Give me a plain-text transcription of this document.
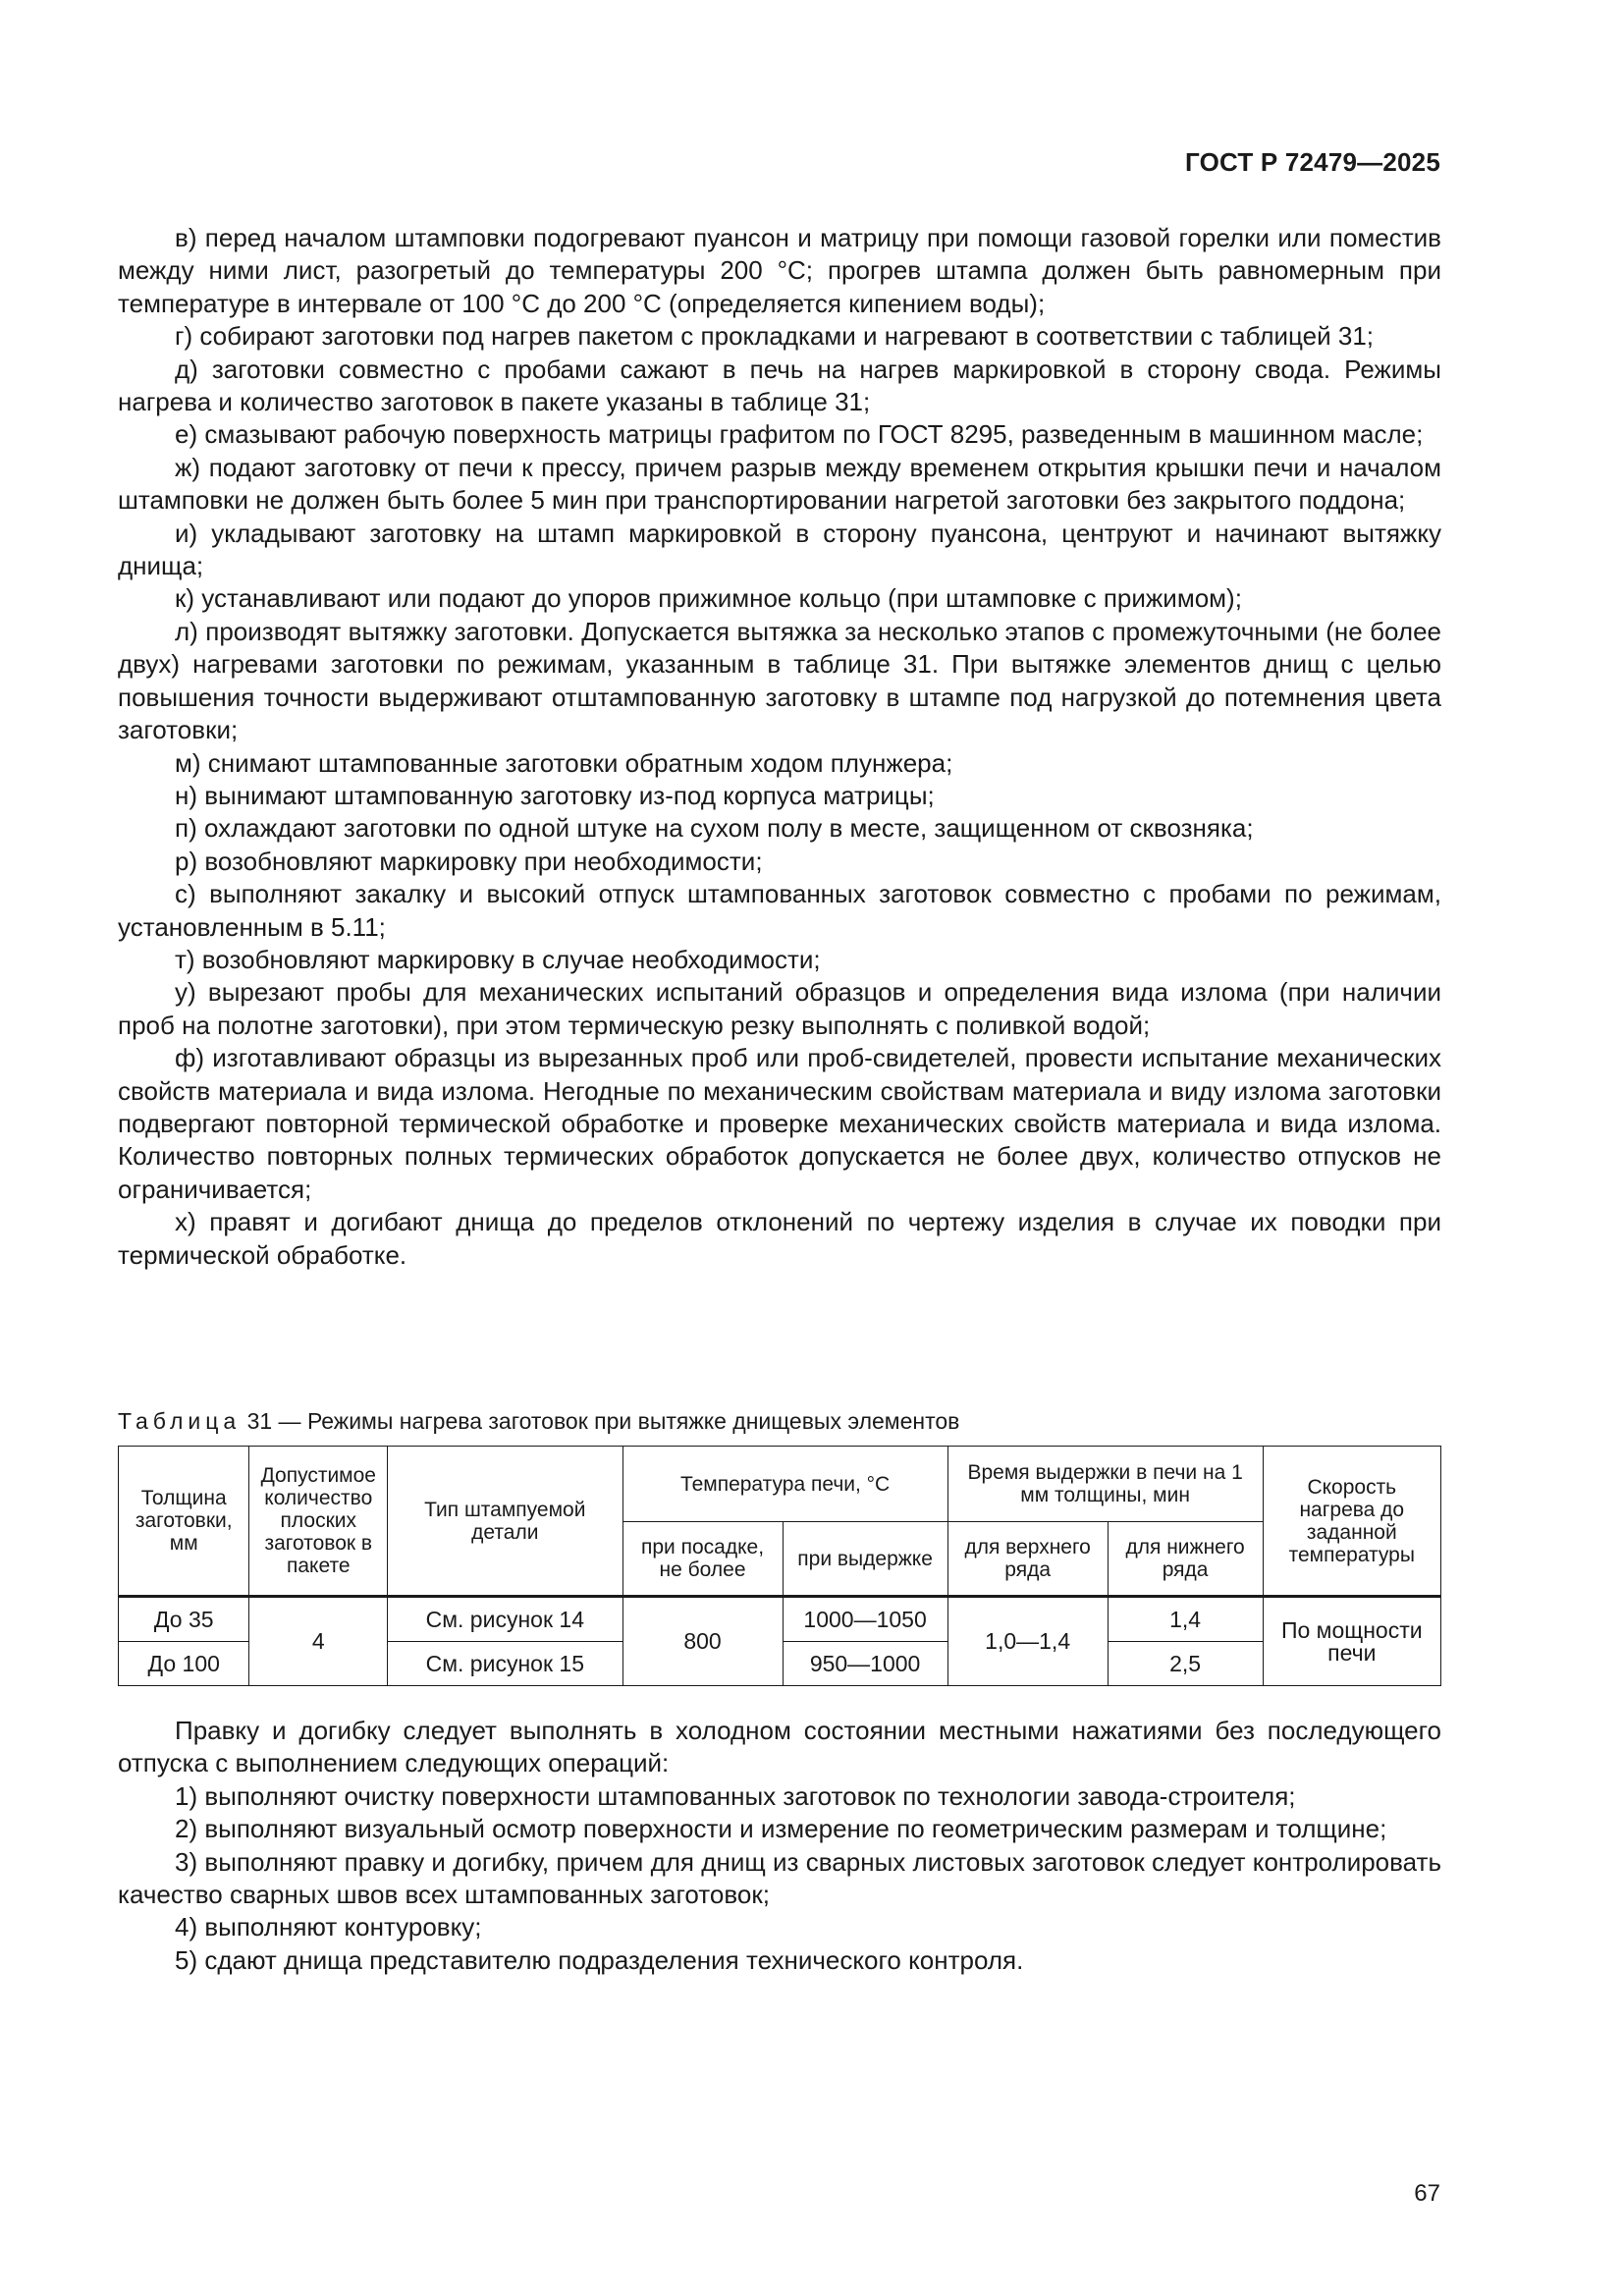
ГОСТ Р 72479—2025

в) перед началом штамповки подогревают пуансон и матрицу при помощи газовой горелки или поместив между ними лист, разогретый до температуры 200 °С; прогрев штампа должен быть равномерным при температуре в интервале от 100 °С до 200 °С (определяется кипением воды);

г) собирают заготовки под нагрев пакетом с прокладками и нагревают в соответствии с таблицей 31;

д) заготовки совместно с пробами сажают в печь на нагрев маркировкой в сторону свода. Режимы нагрева и количество заготовок в пакете указаны в таблице 31;

е) смазывают рабочую поверхность матрицы графитом по ГОСТ 8295, разведенным в машинном масле;

ж) подают заготовку от печи к прессу, причем разрыв между временем открытия крышки печи и началом штамповки не должен быть более 5 мин при транспортировании нагретой заготовки без закрытого поддона;

и) укладывают заготовку на штамп маркировкой в сторону пуансона, центруют и начинают вытяжку днища;

к) устанавливают или подают до упоров прижимное кольцо (при штамповке с прижимом);

л) производят вытяжку заготовки. Допускается вытяжка за несколько этапов с промежуточными (не более двух) нагревами заготовки по режимам, указанным в таблице 31. При вытяжке элементов днищ с целью повышения точности выдерживают отштампованную заготовку в штампе под нагрузкой до потемнения цвета заготовки;

м) снимают штампованные заготовки обратным ходом плунжера;

н) вынимают штампованную заготовку из-под корпуса матрицы;

п) охлаждают заготовки по одной штуке на сухом полу в месте, защищенном от сквозняка;

р) возобновляют маркировку при необходимости;

с) выполняют закалку и высокий отпуск штампованных заготовок совместно с пробами по режимам, установленным в 5.11;

т) возобновляют маркировку в случае необходимости;

у) вырезают пробы для механических испытаний образцов и определения вида излома (при наличии проб на полотне заготовки), при этом термическую резку выполнять с поливкой водой;

ф) изготавливают образцы из вырезанных проб или проб-свидетелей, провести испытание механических свойств материала и вида излома. Негодные по механическим свойствам материала и виду излома заготовки подвергают повторной термической обработке и проверке механических свойств материала и вида излома. Количество повторных полных термических обработок допускается не более двух, количество отпусков не ограничивается;

х) правят и догибают днища до пределов отклонений по чертежу изделия в случае их поводки при термической обработке.

Таблица 31 — Режимы нагрева заготовок при вытяжке днищевых элементов
Толщина заготовки, мм	Допустимое количество плоских заготовок в пакете	Тип штампуемой детали	Температура печи, °С		Время выдержки в печи на 1 мм толщины, мин		Скорость нагрева до заданной температуры
			при посадке, не более	при выдержке	для верхнего ряда	для нижнего ряда	
До 35	4	См. рисунок 14	800	1000—1050	1,0—1,4	1,4	По мощности печи
До 100		См. рисунок 15		950—1000		2,5	

Правку и догибку следует выполнять в холодном состоянии местными нажатиями без последующего отпуска с выполнением следующих операций:

1) выполняют очистку поверхности штампованных заготовок по технологии завода-строителя;

2) выполняют визуальный осмотр поверхности и измерение по геометрическим размерам и толщине;

3) выполняют правку и догибку, причем для днищ из сварных листовых заготовок следует контролировать качество сварных швов всех штампованных заготовок;

4) выполняют контуровку;

5) сдают днища представителю подразделения технического контроля.

67
